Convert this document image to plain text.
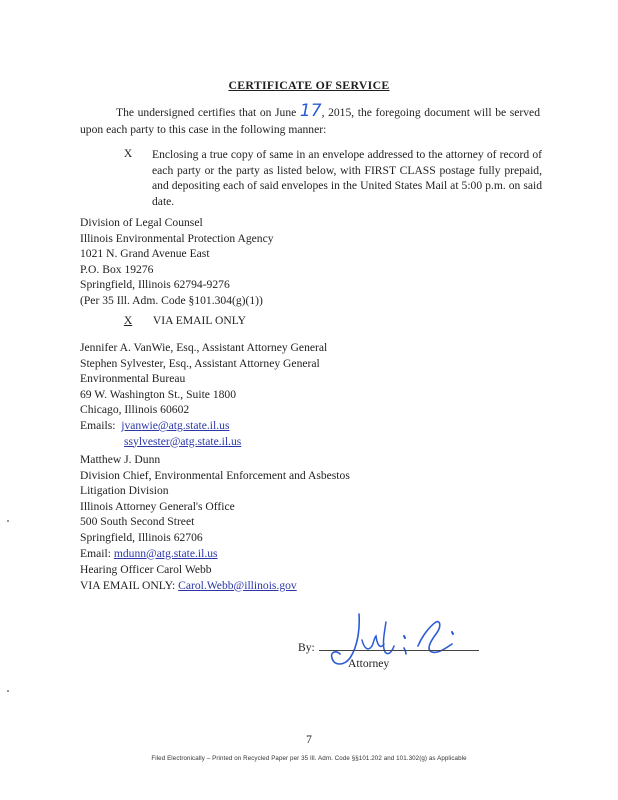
CERTIFICATE OF SERVICE
The undersigned certifies that on June 17, 2015, the foregoing document will be served upon each party to this case in the following manner:
X	Enclosing a true copy of same in an envelope addressed to the attorney of record of each party or the party as listed below, with FIRST CLASS postage fully prepaid, and depositing each of said envelopes in the United States Mail at 5:00 p.m. on said date.
Division of Legal Counsel
Illinois Environmental Protection Agency
1021 N. Grand Avenue East
P.O. Box 19276
Springfield, Illinois 62794-9276
(Per 35 Ill. Adm. Code §101.304(g)(1))
X VIA EMAIL ONLY
Jennifer A. VanWie, Esq., Assistant Attorney General
Stephen Sylvester, Esq., Assistant Attorney General
Environmental Bureau
69 W. Washington St., Suite 1800
Chicago, Illinois 60602
Emails: jvanwie@atg.state.il.us
ssylvester@atg.state.il.us
Matthew J. Dunn
Division Chief, Environmental Enforcement and Asbestos
Litigation Division
Illinois Attorney General's Office
500 South Second Street
Springfield, Illinois 62706
Email: mdunn@atg.state.il.us
Hearing Officer Carol Webb
VIA EMAIL ONLY: Carol.Webb@illinois.gov
By:
Attorney
7
Filed Electronically – Printed on Recycled Paper per 35 Ill. Adm. Code §§101.202 and 101.302(g) as Applicable
